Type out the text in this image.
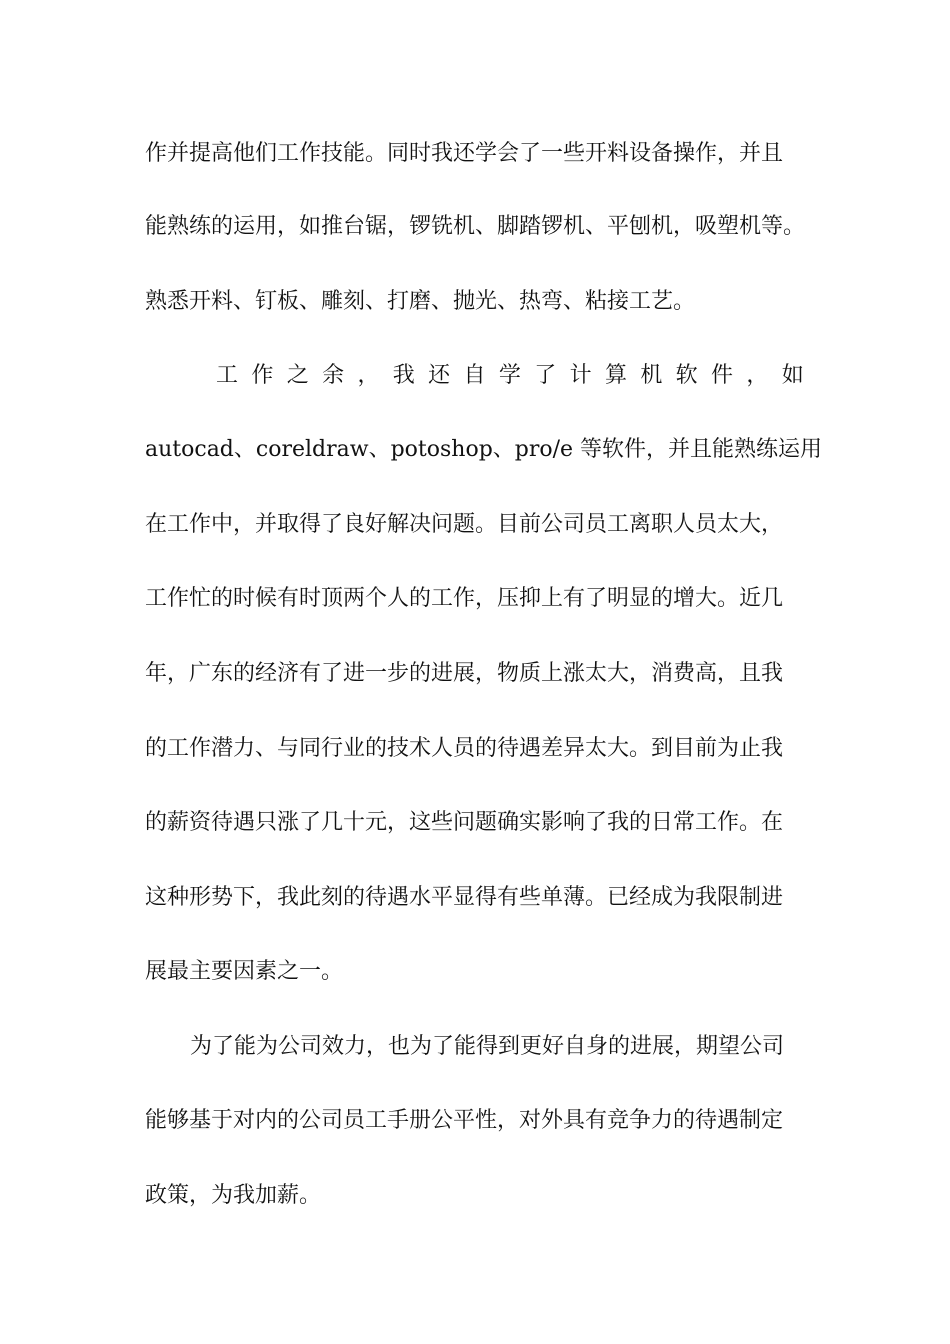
作并提高他们工作技能。同时我还学会了一些开料设备操作，并且
能熟练的运用，如推台锯，锣铣机、脚踏锣机、平刨机，吸塑机等。
熟悉开料、钉板、雕刻、打磨、抛光、热弯、粘接工艺。
工 作 之 余 ， 我 还 自 学 了 计 算 机 软 件 ， 如
autocad、coreldraw、potoshop、pro/e 等软件，并且能熟练运用
在工作中，并取得了良好解决问题。目前公司员工离职人员太大，
工作忙的时候有时顶两个人的工作，压抑上有了明显的增大。近几
年，广东的经济有了进一步的进展，物质上涨太大，消费高，且我
的工作潜力、与同行业的技术人员的待遇差异太大。到目前为止我
的薪资待遇只涨了几十元，这些问题确实影响了我的日常工作。在
这种形势下，我此刻的待遇水平显得有些单薄。已经成为我限制进
展最主要因素之一。
为了能为公司效力，也为了能得到更好自身的进展，期望公司
能够基于对内的公司员工手册公平性，对外具有竞争力的待遇制定
政策，为我加薪。
